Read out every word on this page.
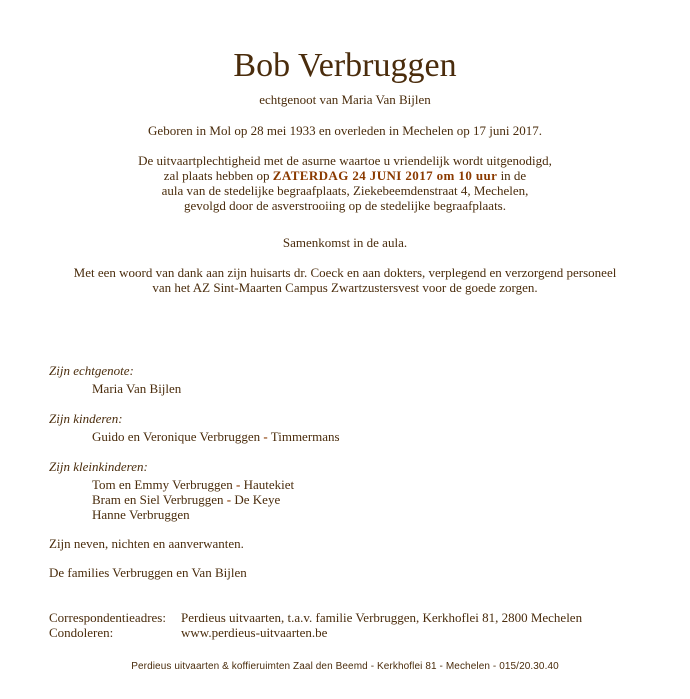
Bob Verbruggen
echtgenoot van Maria Van Bijlen
Geboren in Mol op 28 mei 1933 en overleden in Mechelen op 17 juni 2017.
De uitvaartplechtigheid met de asurne waartoe u vriendelijk wordt uitgenodigd,
zal plaats hebben op ZATERDAG 24 JUNI 2017 om 10 uur in de
aula van de stedelijke begraafplaats, Ziekebeemdenstraat 4, Mechelen,
gevolgd door de asverstrooiing op de stedelijke begraafplaats.
Samenkomst in de aula.
Met een woord van dank aan zijn huisarts dr. Coeck en aan dokters, verplegend en verzorgend personeel
van het AZ Sint-Maarten Campus Zwartzustersvest voor de goede zorgen.
Zijn echtgenote:
Maria Van Bijlen
Zijn kinderen:
Guido en Veronique Verbruggen - Timmermans
Zijn kleinkinderen:
Tom en Emmy Verbruggen - Hautekiet
Bram en Siel Verbruggen - De Keye
Hanne Verbruggen
Zijn neven, nichten en aanverwanten.
De families Verbruggen en Van Bijlen
Correspondentieadres: Perdieus uitvaarten, t.a.v. familie Verbruggen, Kerkhoflei 81, 2800 Mechelen
Condoleren:	www.perdieus-uitvaarten.be
Perdieus uitvaarten & koffieruimten Zaal den Beemd - Kerkhoflei 81 - Mechelen - 015/20.30.40
